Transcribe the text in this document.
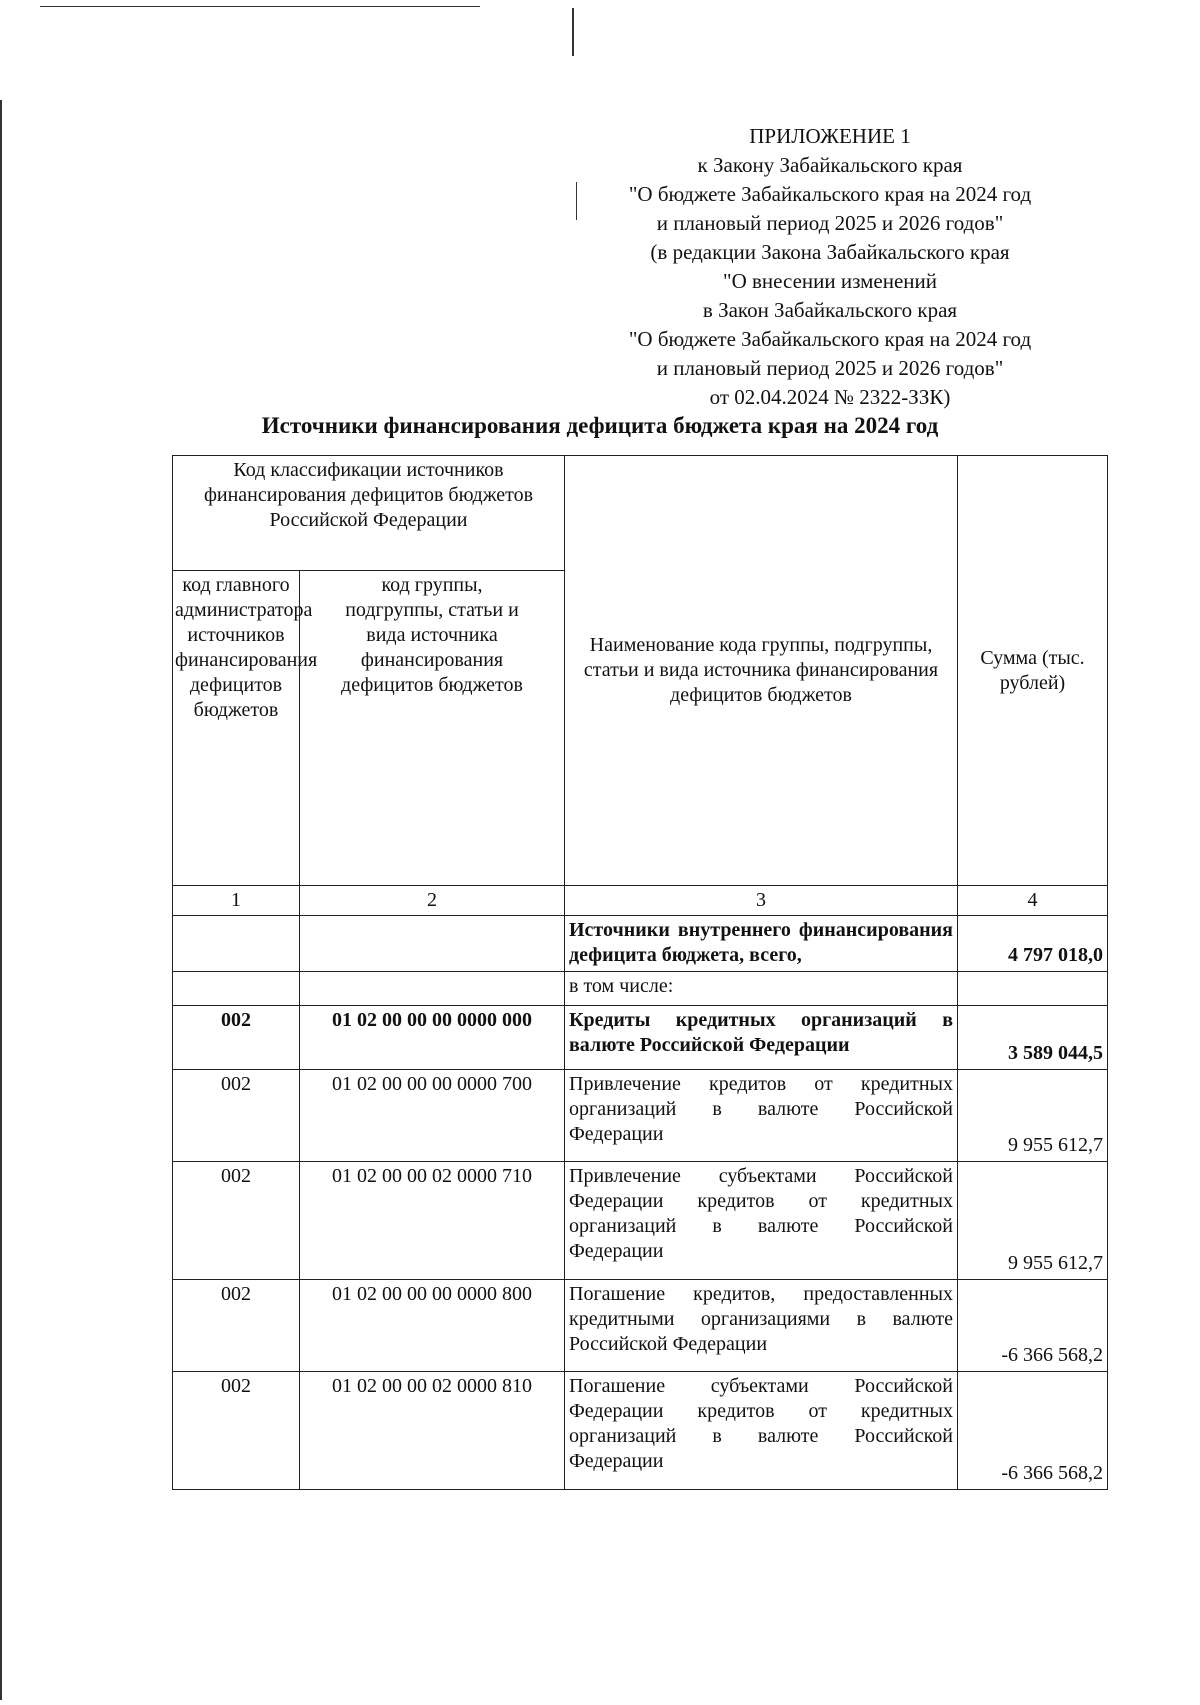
ПРИЛОЖЕНИЕ 1
к Закону Забайкальского края
"О бюджете Забайкальского края на 2024 год
и плановый период 2025 и 2026 годов"
(в редакции Закона Забайкальского края
"О внесении изменений
в Закон Забайкальского края
"О бюджете Забайкальского края на 2024 год
и плановый период 2025 и 2026 годов"
от 02.04.2024 № 2322-ЗЗК)
Источники финансирования дефицита бюджета края на 2024 год
Код классификации источников финансирования дефицитов бюджетов Российской Федерации		Наименование кода группы, подгруппы, статьи и вида источника финансирования дефицитов бюджетов	Сумма (тыс. рублей)
код главного администратора источников финансирования дефицитов бюджетов	код группы, подгруппы, статьи и вида источника финансирования дефицитов бюджетов		
1	2	3	4
		Источники внутреннего финансирования дефицита бюджета, всего,	4 797 018,0
		в том числе:	
002	01 02 00 00 00 0000 000	Кредиты кредитных организаций в валюте Российской Федерации	3 589 044,5
002	01 02 00 00 00 0000 700	Привлечение кредитов от кредитных организаций в валюте Российской Федерации	9 955 612,7
002	01 02 00 00 02 0000 710	Привлечение субъектами Российской Федерации кредитов от кредитных организаций в валюте Российской Федерации	9 955 612,7
002	01 02 00 00 00 0000 800	Погашение кредитов, предоставленных кредитными организациями в валюте Российской Федерации	-6 366 568,2
002	01 02 00 00 02 0000 810	Погашение субъектами Российской Федерации кредитов от кредитных организаций в валюте Российской Федерации	-6 366 568,2
